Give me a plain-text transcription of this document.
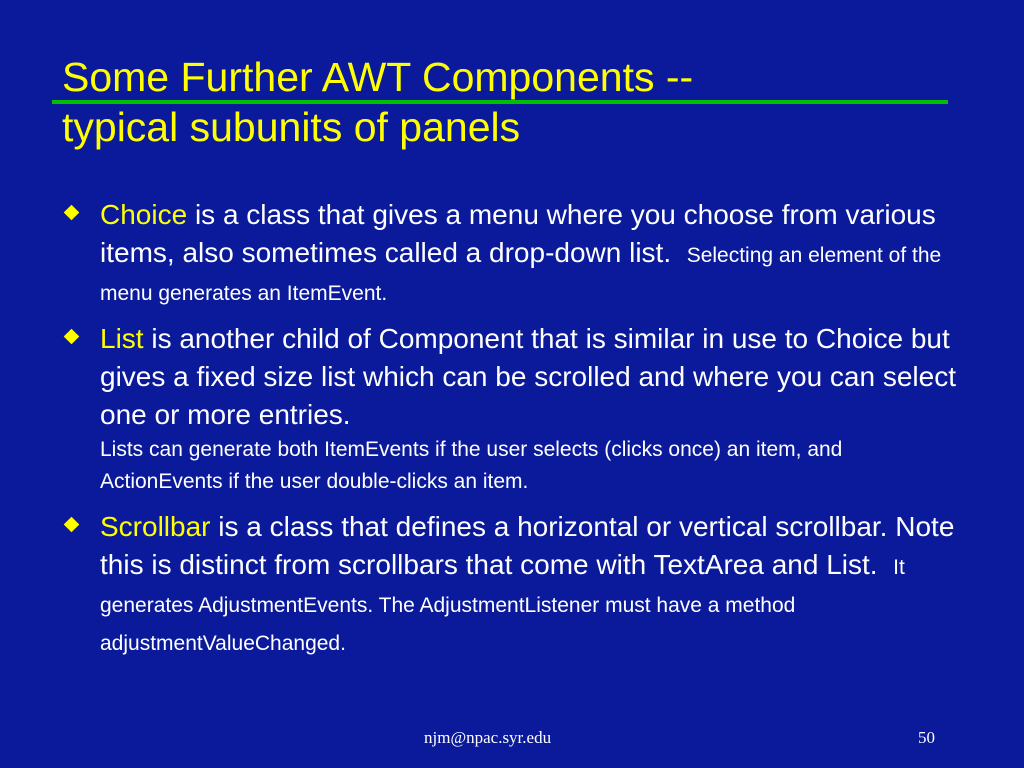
Some Further AWT Components --
typical subunits of panels
Choice is a class that gives a menu where you choose from various items, also sometimes called a drop-down list. Selecting an element of the menu generates an ItemEvent.
List is another child of Component that is similar in use to Choice but gives a fixed size list which can be scrolled and where you can select one or more entries.
Lists can generate both ItemEvents if the user selects (clicks once) an item, and ActionEvents if the user double-clicks an item.
Scrollbar is a class that defines a horizontal or vertical scrollbar. Note this is distinct from scrollbars that come with TextArea and List. It generates AdjustmentEvents. The AdjustmentListener must have a method adjustmentValueChanged.
njm@npac.syr.edu	50
